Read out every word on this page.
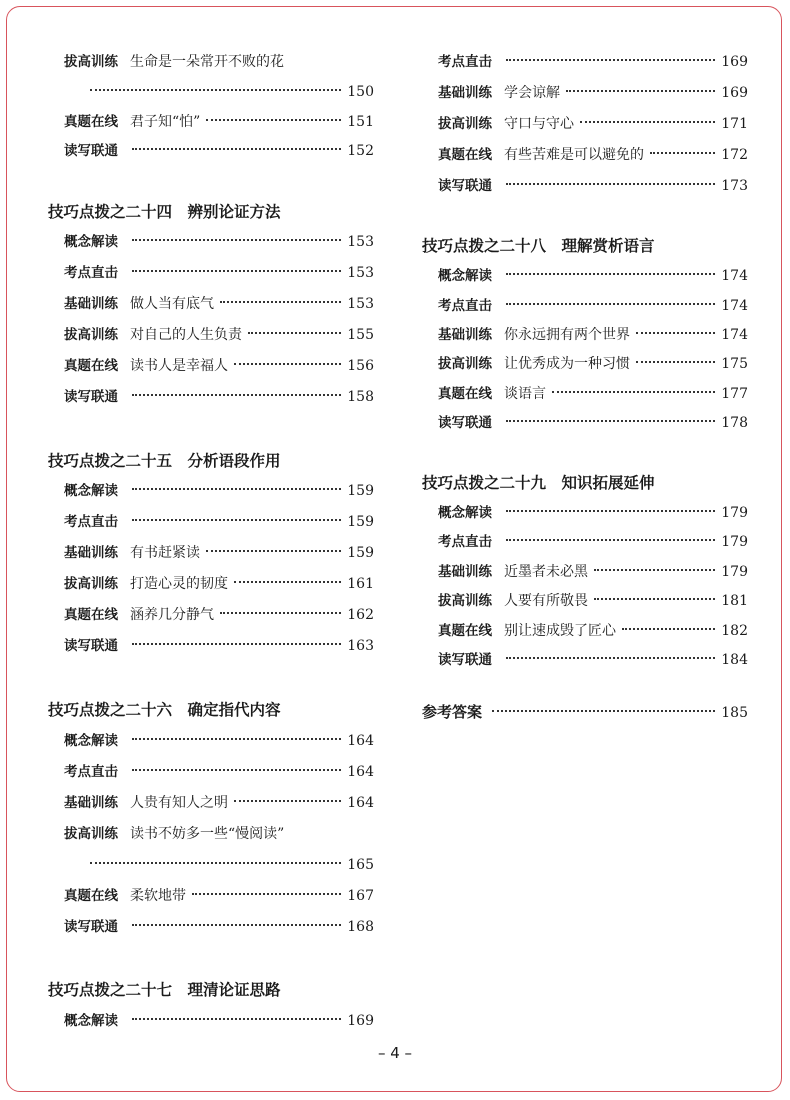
拔高训练 生命是一朵常开不败的花
150
真题在线 君子知“怕”	151
读写联通	152
技巧点拨之二十四　辨别论证方法
概念解读	153
考点直击	153
基础训练 做人当有底气	153
拔高训练 对自己的人生负责	155
真题在线 读书人是幸福人	156
读写联通	158
技巧点拨之二十五　分析语段作用
概念解读	159
考点直击	159
基础训练 有书赶紧读	159
拔高训练 打造心灵的韧度	161
真题在线 涵养几分静气	162
读写联通	163
技巧点拨之二十六　确定指代内容
概念解读	164
考点直击	164
基础训练 人贵有知人之明	164
拔高训练 读书不妨多一些“慢阅读”
165
真题在线 柔软地带	167
读写联通	168
技巧点拨之二十七　理清论证思路
概念解读	169
考点直击	169
基础训练 学会谅解	169
拔高训练 守口与守心	171
真题在线 有些苦难是可以避免的	172
读写联通	173
技巧点拨之二十八　理解赏析语言
概念解读	174
考点直击	174
基础训练 你永远拥有两个世界	174
拔高训练 让优秀成为一种习惯	175
真题在线 谈语言	177
读写联通	178
技巧点拨之二十九　知识拓展延伸
概念解读	179
考点直击	179
基础训练 近墨者未必黑	179
拔高训练 人要有所敬畏	181
真题在线 别让速成毁了匠心	182
读写联通	184
参考答案	185
– 4 –
